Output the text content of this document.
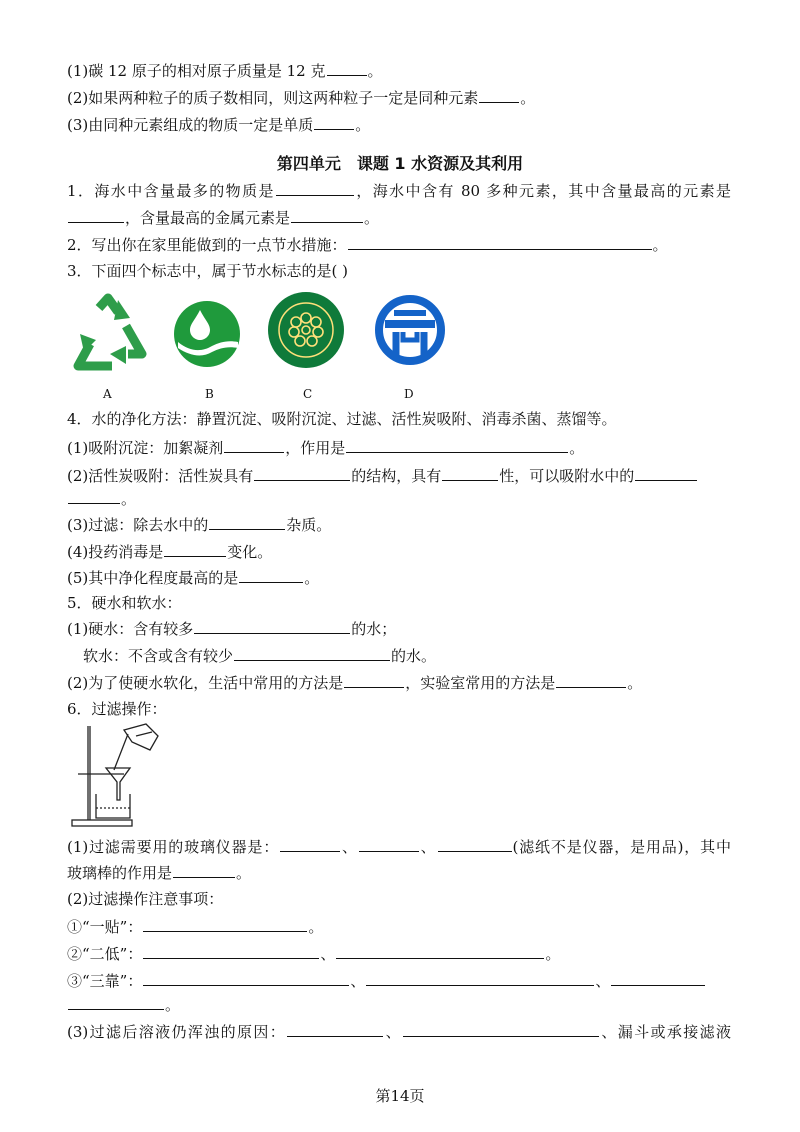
(1)碳 12 原子的相对原子质量是 12 克	。
(2)如果两种粒子的质子数相同，则这两种粒子一定是同种元素	。
(3)由同种元素组成的物质一定是单质	。
第四单元　课题 1 水资源及其利用
1．海水中含量最多的物质是	，海水中含有 80 多种元素，其中含量最高的元素是
，含量最高的金属元素是	。
2．写出你在家里能做到的一点节水措施：	。
3．下面四个标志中，属于节水标志的是( )
A	B	C	D
4．水的净化方法：静置沉淀、吸附沉淀、过滤、活性炭吸附、消毒杀菌、蒸馏等。
(1)吸附沉淀：加絮凝剂	，作用是	。
(2)活性炭吸附：活性炭具有	的结构，具有	性，可以吸附水中的
。
(3)过滤：除去水中的	杂质。
(4)投药消毒是	变化。
(5)其中净化程度最高的是	。
5．硬水和软水：
(1)硬水：含有较多	的水；
软水：不含或含有较少	的水。
(2)为了使硬水软化，生活中常用的方法是	，实验室常用的方法是	。
6．过滤操作：
(1)过滤需要用的玻璃仪器是：	、	、	(滤纸不是仪器，是用品)，其中
玻璃棒的作用是	。
(2)过滤操作注意事项：
①“一贴”：	。
②“二低”：	、	。
③“三靠”：	、	、
。
(3)过滤后溶液仍浑浊的原因：	、	、漏斗或承接滤液
第14页
